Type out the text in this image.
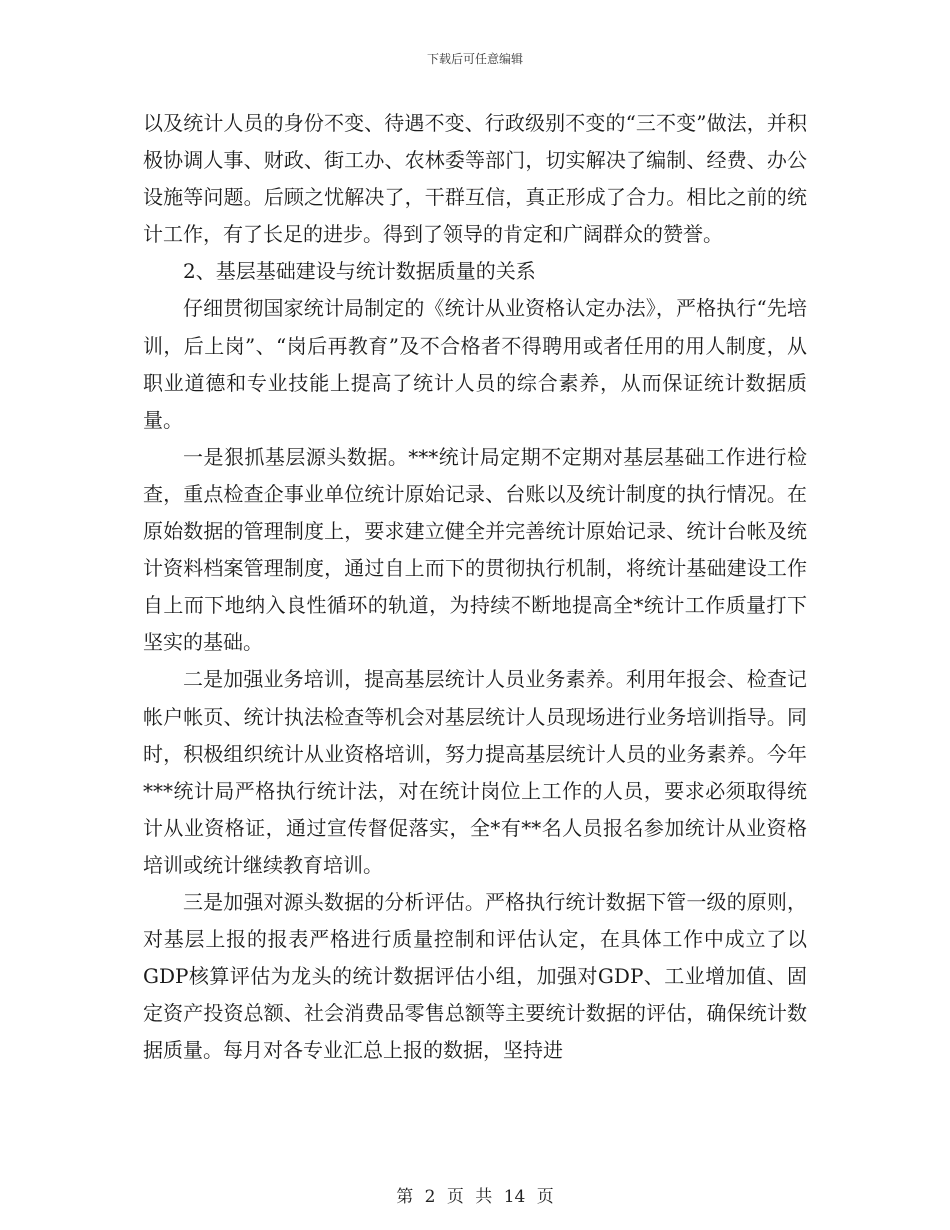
下载后可任意编辑

以及统计人员的身份不变、待遇不变、行政级别不变的“三不变”做法，并积极协调人事、财政、街工办、农林委等部门，切实解决了编制、经费、办公设施等问题。后顾之忧解决了，干群互信，真正形成了合力。相比之前的统计工作，有了长足的进步。得到了领导的肯定和广阔群众的赞誉。

2、基层基础建设与统计数据质量的关系

仔细贯彻国家统计局制定的《统计从业资格认定办法》，严格执行“先培训，后上岗”、“岗后再教育”及不合格者不得聘用或者任用的用人制度，从职业道德和专业技能上提高了统计人员的综合素养，从而保证统计数据质量。

一是狠抓基层源头数据。***统计局定期不定期对基层基础工作进行检查，重点检查企事业单位统计原始记录、台账以及统计制度的执行情况。在原始数据的管理制度上，要求建立健全并完善统计原始记录、统计台帐及统计资料档案管理制度，通过自上而下的贯彻执行机制，将统计基础建设工作自上而下地纳入良性循环的轨道，为持续不断地提高全*统计工作质量打下坚实的基础。

二是加强业务培训，提高基层统计人员业务素养。利用年报会、检查记帐户帐页、统计执法检查等机会对基层统计人员现场进行业务培训指导。同时，积极组织统计从业资格培训，努力提高基层统计人员的业务素养。今年***统计局严格执行统计法，对在统计岗位上工作的人员，要求必须取得统计从业资格证，通过宣传督促落实，全*有**名人员报名参加统计从业资格培训或统计继续教育培训。

三是加强对源头数据的分析评估。严格执行统计数据下管一级的原则，对基层上报的报表严格进行质量控制和评估认定，在具体工作中成立了以GDP核算评估为龙头的统计数据评估小组，加强对GDP、工业增加值、固定资产投资总额、社会消费品零售总额等主要统计数据的评估，确保统计数据质量。每月对各专业汇总上报的数据，坚持进

第 2 页 共 14 页
